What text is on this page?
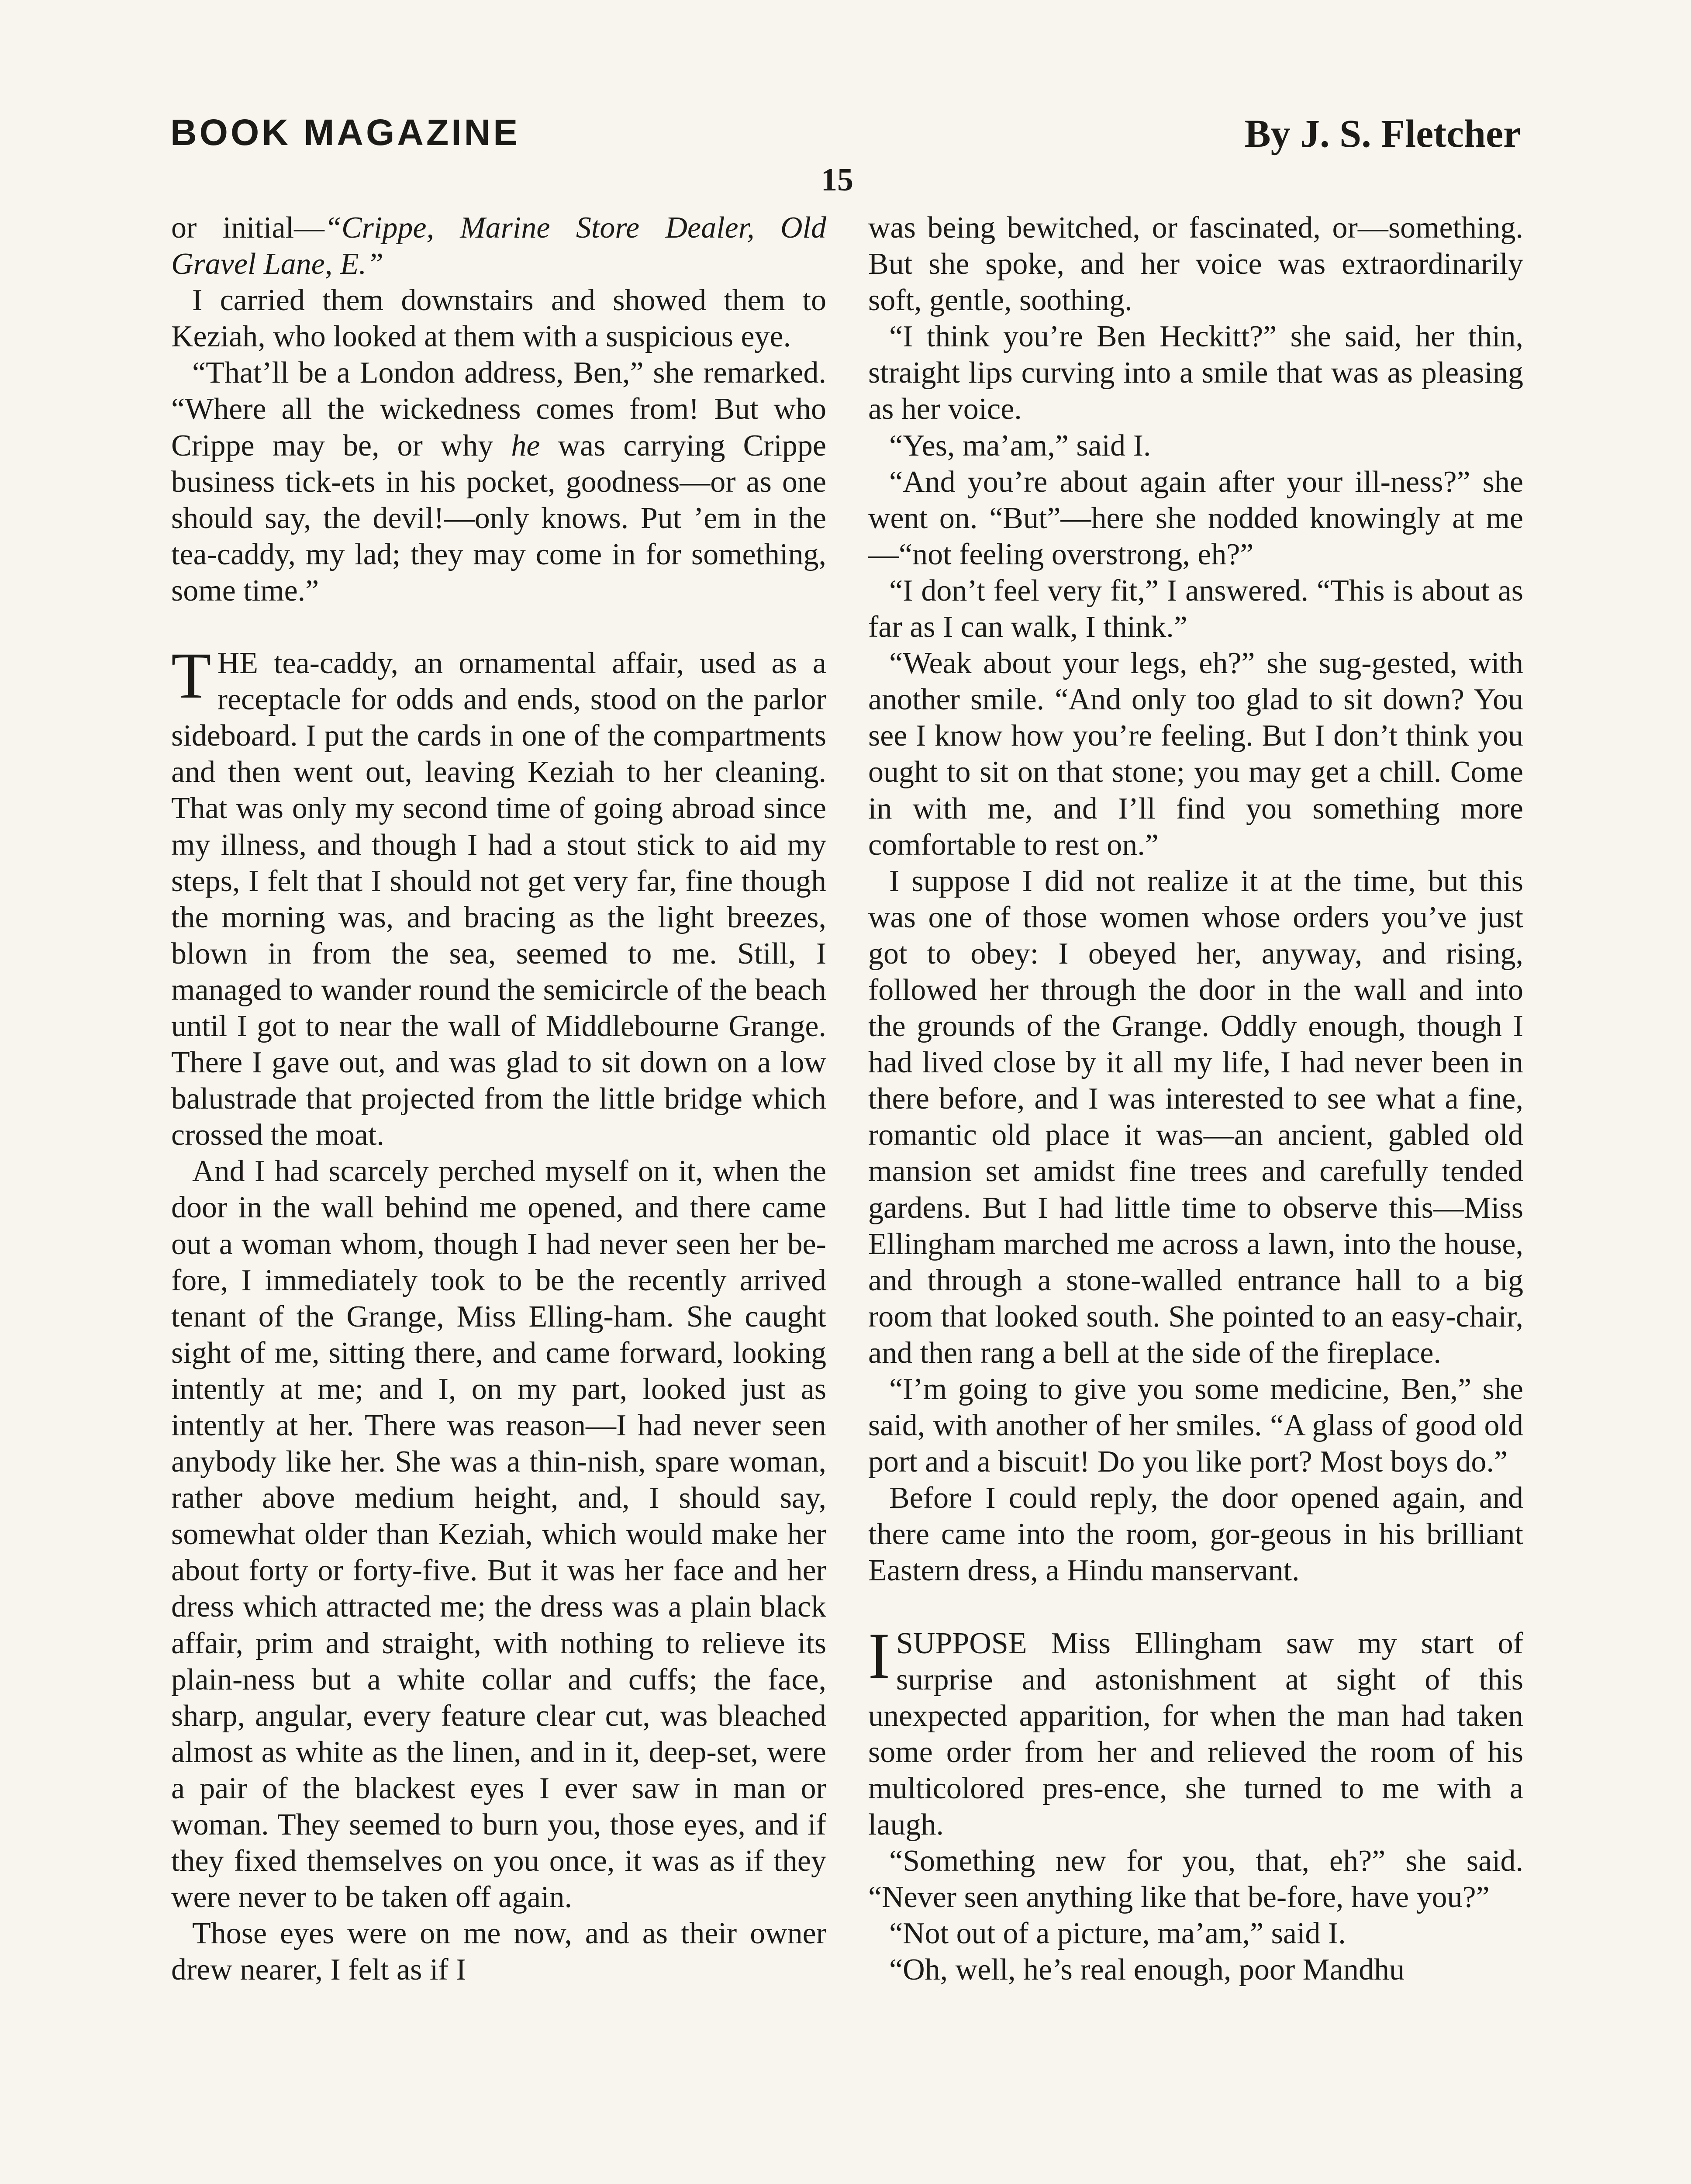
BOOK MAGAZINE	By J. S. Fletcher
15

or initial—“Crippe, Marine Store Dealer, Old Gravel Lane, E.”

I carried them downstairs and showed them to Keziah, who looked at them with a suspicious eye.

“That’ll be a London address, Ben,” she remarked. “Where all the wickedness comes from! But who Crippe may be, or why he was carrying Crippe business tick-ets in his pocket, goodness—or as one should say, the devil!—only knows. Put ’em in the tea-caddy, my lad; they may come in for something, some time.”

THE tea-caddy, an ornamental affair, used as a receptacle for odds and ends, stood on the parlor sideboard. I put the cards in one of the compartments and then went out, leaving Keziah to her cleaning. That was only my second time of going abroad since my illness, and though I had a stout stick to aid my steps, I felt that I should not get very far, fine though the morning was, and bracing as the light breezes, blown in from the sea, seemed to me. Still, I managed to wander round the semicircle of the beach until I got to near the wall of Middlebourne Grange. There I gave out, and was glad to sit down on a low balustrade that projected from the little bridge which crossed the moat.

And I had scarcely perched myself on it, when the door in the wall behind me opened, and there came out a woman whom, though I had never seen her be-fore, I immediately took to be the recently arrived tenant of the Grange, Miss Elling-ham. She caught sight of me, sitting there, and came forward, looking intently at me; and I, on my part, looked just as intently at her. There was reason—I had never seen anybody like her. She was a thin-nish, spare woman, rather above medium height, and, I should say, somewhat older than Keziah, which would make her about forty or forty-five. But it was her face and her dress which attracted me; the dress was a plain black affair, prim and straight, with nothing to relieve its plain-ness but a white collar and cuffs; the face, sharp, angular, every feature clear cut, was bleached almost as white as the linen, and in it, deep-set, were a pair of the blackest eyes I ever saw in man or woman. They seemed to burn you, those eyes, and if they fixed themselves on you once, it was as if they were never to be taken off again.

Those eyes were on me now, and as their owner drew nearer, I felt as if I

was being bewitched, or fascinated, or—something. But she spoke, and her voice was extraordinarily soft, gentle, soothing.

“I think you’re Ben Heckitt?” she said, her thin, straight lips curving into a smile that was as pleasing as her voice.

“Yes, ma’am,” said I.

“And you’re about again after your ill-ness?” she went on. “But”—here she nodded knowingly at me—“not feeling overstrong, eh?”

“I don’t feel very fit,” I answered. “This is about as far as I can walk, I think.”

“Weak about your legs, eh?” she sug-gested, with another smile. “And only too glad to sit down? You see I know how you’re feeling. But I don’t think you ought to sit on that stone; you may get a chill. Come in with me, and I’ll find you something more comfortable to rest on.”

I suppose I did not realize it at the time, but this was one of those women whose orders you’ve just got to obey: I obeyed her, anyway, and rising, followed her through the door in the wall and into the grounds of the Grange. Oddly enough, though I had lived close by it all my life, I had never been in there before, and I was interested to see what a fine, romantic old place it was—an ancient, gabled old mansion set amidst fine trees and carefully tended gardens. But I had little time to observe this—Miss Ellingham marched me across a lawn, into the house, and through a stone-walled entrance hall to a big room that looked south. She pointed to an easy-chair, and then rang a bell at the side of the fireplace.

“I’m going to give you some medicine, Ben,” she said, with another of her smiles. “A glass of good old port and a biscuit! Do you like port? Most boys do.”

Before I could reply, the door opened again, and there came into the room, gor-geous in his brilliant Eastern dress, a Hindu manservant.

ISUPPOSE Miss Ellingham saw my start of surprise and astonishment at sight of this unexpected apparition, for when the man had taken some order from her and relieved the room of his multicolored pres-ence, she turned to me with a laugh.

“Something new for you, that, eh?” she said. “Never seen anything like that be-fore, have you?”

“Not out of a picture, ma’am,” said I.

“Oh, well, he’s real enough, poor Mandhu
